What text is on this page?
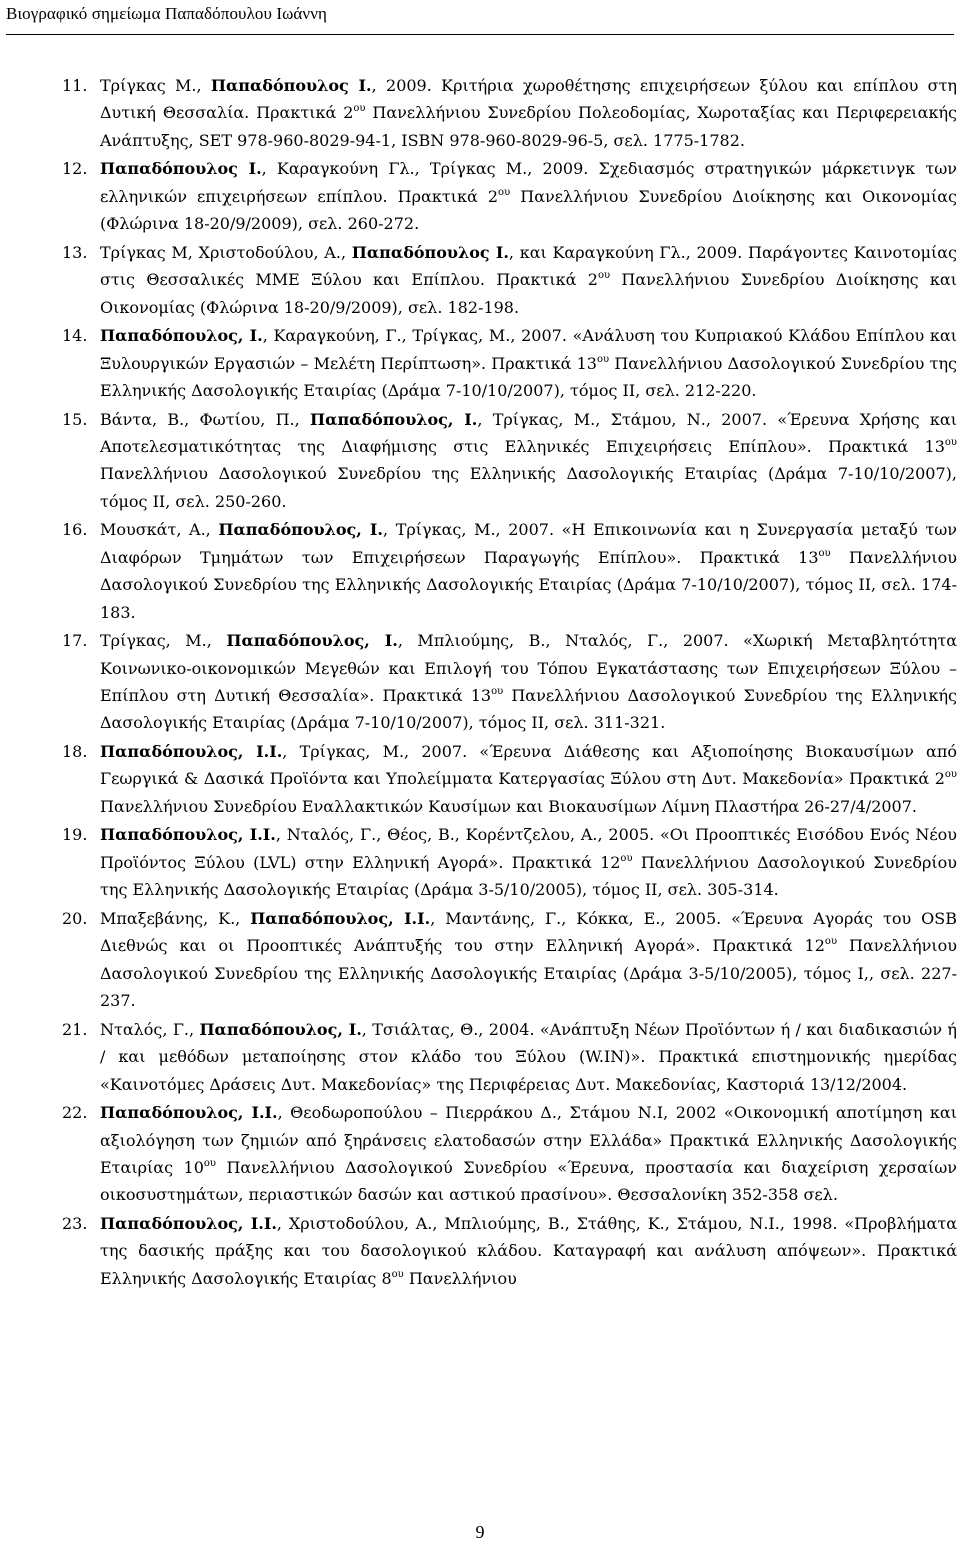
Βιογραφικό σημείωμα Παπαδόπουλου Ιωάννη
11. Τρίγκας Μ., Παπαδόπουλος Ι., 2009. Κριτήρια χωροθέτησης επιχειρήσεων ξύλου και επίπλου στη Δυτική Θεσσαλία. Πρακτικά $2^{o\upsilon}$ Πανελλήνιου Συνεδρίου Πολεοδομίας, Χωροταξίας και Περιφερειακής Ανάπτυξης, SET 978-960-8029-94-1, ISBN 978-960-8029-96-5, σελ. 1775-1782.
12. Παπαδόπουλος Ι., Καραγκούνη Γλ., Τρίγκας Μ., 2009. Σχεδιασμός στρατηγικών μάρκετινγκ των ελληνικών επιχειρήσεων επίπλου. Πρακτικά $2^{o\upsilon}$ Πανελλήνιου Συνεδρίου Διοίκησης και Οικονομίας (Φλώρινα 18-20/9/2009), σελ. 260-272.
13. Τρίγκας Μ, Χριστοδούλου, Α., Παπαδόπουλος Ι., και Καραγκούνη Γλ., 2009. Παράγοντες Καινοτομίας στις Θεσσαλικές ΜΜΕ Ξύλου και Επίπλου. Πρακτικά $2^{o\upsilon}$ Πανελλήνιου Συνεδρίου Διοίκησης και Οικονομίας (Φλώρινα 18-20/9/2009), σελ. 182-198.
14. Παπαδόπουλος, Ι., Καραγκούνη, Γ., Τρίγκας, Μ., 2007. «Ανάλυση του Κυπριακού Κλάδου Επίπλου και Ξυλουργικών Εργασιών – Μελέτη Περίπτωση». Πρακτικά $13^{o\upsilon}$ Πανελλήνιου Δασολογικού Συνεδρίου της Ελληνικής Δασολογικής Εταιρίας (Δράμα 7-10/10/2007), τόμος ΙΙ, σελ. 212-220.
15. Βάντα, Β., Φωτίου, Π., Παπαδόπουλος, Ι., Τρίγκας, Μ., Στάμου, Ν., 2007. «Έρευνα Χρήσης και Αποτελεσματικότητας της Διαφήμισης στις Ελληνικές Επιχειρήσεις Επίπλου». Πρακτικά $13^{o\upsilon}$ Πανελλήνιου Δασολογικού Συνεδρίου της Ελληνικής Δασολογικής Εταιρίας (Δράμα 7-10/10/2007), τόμος ΙΙ, σελ. 250-260.
16. Μουσκάτ, Α., Παπαδόπουλος, Ι., Τρίγκας, Μ., 2007. «Η Επικοινωνία και η Συνεργασία μεταξύ των Διαφόρων Τμημάτων των Επιχειρήσεων Παραγωγής Επίπλου». Πρακτικά $13^{o\upsilon}$ Πανελλήνιου Δασολογικού Συνεδρίου της Ελληνικής Δασολογικής Εταιρίας (Δράμα 7-10/10/2007), τόμος ΙΙ, σελ. 174-183.
17. Τρίγκας, Μ., Παπαδόπουλος, Ι., Μπλιούμης, Β., Νταλός, Γ., 2007. «Χωρική Μεταβλητότητα Κοινωνικο-οικονομικών Μεγεθών και Επιλογή του Τόπου Εγκατάστασης των Επιχειρήσεων Ξύλου – Επίπλου στη Δυτική Θεσσαλία». Πρακτικά $13^{o\upsilon}$ Πανελλήνιου Δασολογικού Συνεδρίου της Ελληνικής Δασολογικής Εταιρίας (Δράμα 7-10/10/2007), τόμος ΙΙ, σελ. 311-321.
18. Παπαδόπουλος, Ι.Ι., Τρίγκας, Μ., 2007. «Έρευνα Διάθεσης και Αξιοποίησης Βιοκαυσίμων από Γεωργικά & Δασικά Προϊόντα και Υπολείμματα Κατεργασίας Ξύλου στη Δυτ. Μακεδονία» Πρακτικά $2^{o\upsilon}$ Πανελλήνιου Συνεδρίου Εναλλακτικών Καυσίμων και Βιοκαυσίμων Λίμνη Πλαστήρα 26-27/4/2007.
19. Παπαδόπουλος, Ι.Ι., Νταλός, Γ., Θέος, Β., Κορέντζελου, Α., 2005. «Οι Προοπτικές Εισόδου Ενός Νέου Προϊόντος Ξύλου (LVL) στην Ελληνική Αγορά». Πρακτικά $12^{o\upsilon}$ Πανελλήνιου Δασολογικού Συνεδρίου της Ελληνικής Δασολογικής Εταιρίας (Δράμα 3-5/10/2005), τόμος ΙΙ, σελ. 305-314.
20. Μπαξεβάνης, Κ., Παπαδόπουλος, Ι.Ι., Μαντάνης, Γ., Κόκκα, Ε., 2005. «Έρευνα Αγοράς του OSB Διεθνώς και οι Προοπτικές Ανάπτυξής του στην Ελληνική Αγορά». Πρακτικά $12^{o\upsilon}$ Πανελλήνιου Δασολογικού Συνεδρίου της Ελληνικής Δασολογικής Εταιρίας (Δράμα 3-5/10/2005), τόμος Ι,, σελ. 227-237.
21. Νταλός, Γ., Παπαδόπουλος, Ι., Τσιάλτας, Θ., 2004. «Ανάπτυξη Νέων Προϊόντων ή / και διαδικασιών ή / και μεθόδων μεταποίησης στον κλάδο του Ξύλου (W.IN)». Πρακτικά επιστημονικής ημερίδας «Καινοτόμες Δράσεις Δυτ. Μακεδονίας» της Περιφέρειας Δυτ. Μακεδονίας, Καστοριά 13/12/2004.
22. Παπαδόπουλος, Ι.Ι., Θεοδωροπούλου – Πιερράκου Δ., Στάμου Ν.Ι, 2002 «Οικονομική αποτίμηση και αξιολόγηση των ζημιών από ξηράνσεις ελατοδασών στην Ελλάδα» Πρακτικά Ελληνικής Δασολογικής Εταιρίας $10^{o\upsilon}$ Πανελλήνιου Δασολογικού Συνεδρίου «Έρευνα, προστασία και διαχείριση χερσαίων οικοσυστημάτων, περιαστικών δασών και αστικού πρασίνου». Θεσσαλονίκη 352-358 σελ.
23. Παπαδόπουλος, Ι.Ι., Χριστοδούλου, Α., Μπλιούμης, Β., Στάθης, Κ., Στάμου, Ν.Ι., 1998. «Προβλήματα της δασικής πράξης και του δασολογικού κλάδου. Καταγραφή και ανάλυση απόψεων». Πρακτικά Ελληνικής Δασολογικής Εταιρίας $8^{o\upsilon}$ Πανελλήνιου
9
